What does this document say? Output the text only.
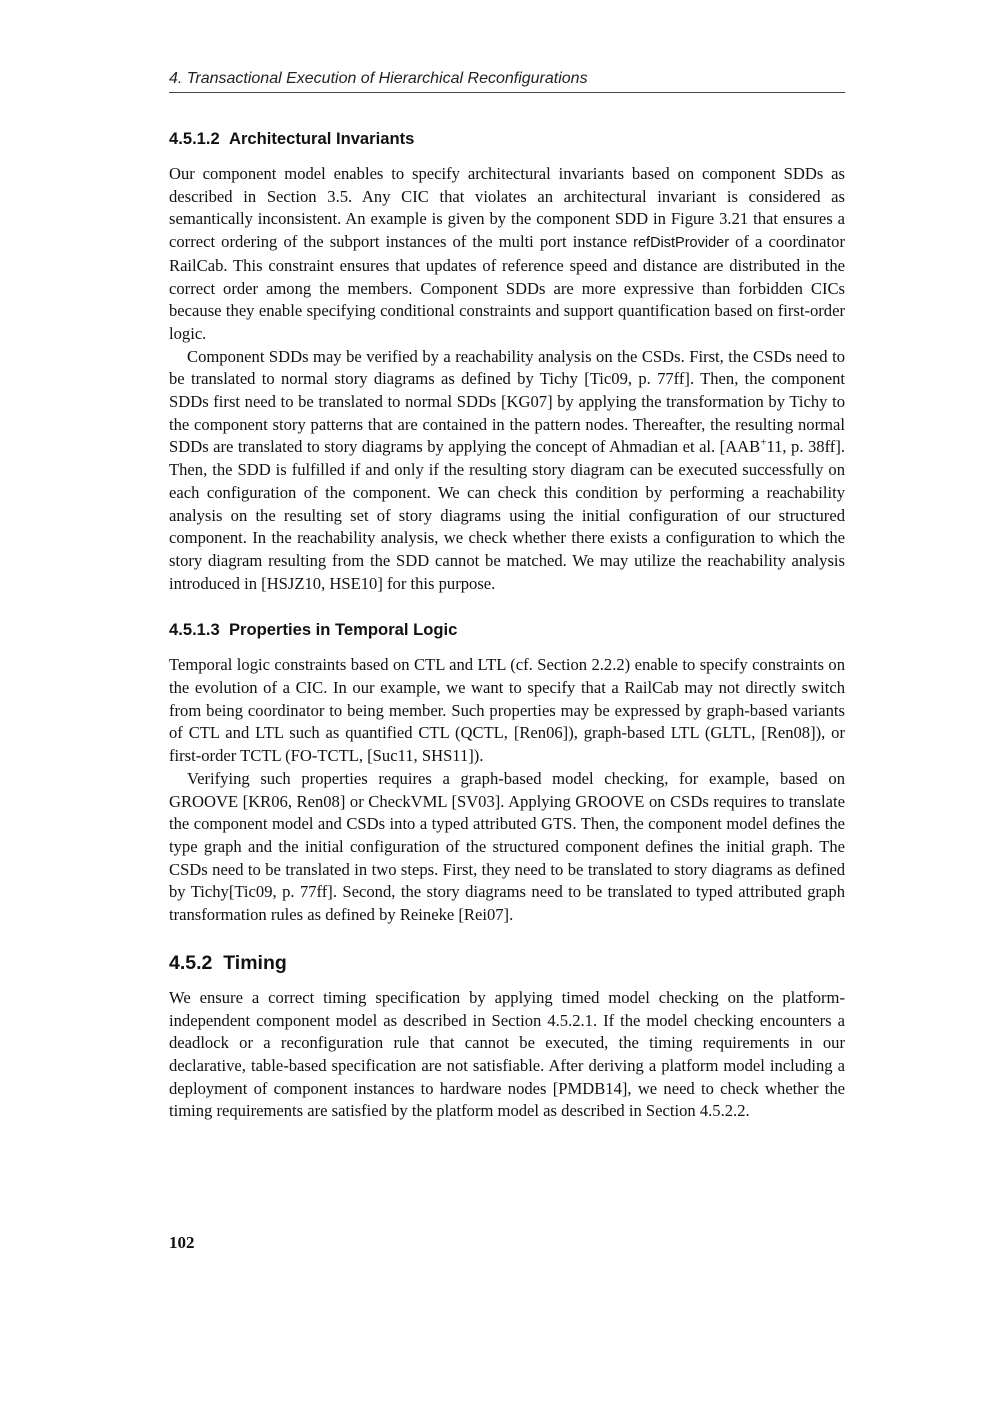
4. Transactional Execution of Hierarchical Reconfigurations
4.5.1.2 Architectural Invariants

Our component model enables to specify architectural invariants based on component SDDs as described in Section 3.5. Any CIC that violates an architectural invariant is considered as semantically inconsistent. An example is given by the component SDD in Figure 3.21 that ensures a correct ordering of the subport instances of the multi port instance refDistProvider of a coordinator RailCab. This constraint ensures that updates of reference speed and distance are distributed in the correct order among the members. Component SDDs are more expressive than forbidden CICs because they enable specifying conditional constraints and support quantification based on first-order logic.

Component SDDs may be verified by a reachability analysis on the CSDs. First, the CSDs need to be translated to normal story diagrams as defined by Tichy [Tic09, p. 77ff]. Then, the component SDDs first need to be translated to normal SDDs [KG07] by applying the transformation by Tichy to the component story patterns that are contained in the pattern nodes. Thereafter, the resulting normal SDDs are translated to story diagrams by applying the concept of Ahmadian et al. [AAB+11, p. 38ff]. Then, the SDD is fulfilled if and only if the resulting story diagram can be executed successfully on each configuration of the component. We can check this condition by performing a reachability analysis on the resulting set of story diagrams using the initial configuration of our structured component. In the reachability analysis, we check whether there exists a configuration to which the story diagram resulting from the SDD cannot be matched. We may utilize the reachability analysis introduced in [HSJZ10, HSE10] for this purpose.

4.5.1.3 Properties in Temporal Logic

Temporal logic constraints based on CTL and LTL (cf. Section 2.2.2) enable to specify constraints on the evolution of a CIC. In our example, we want to specify that a RailCab may not directly switch from being coordinator to being member. Such properties may be expressed by graph-based variants of CTL and LTL such as quantified CTL (QCTL, [Ren06]), graph-based LTL (GLTL, [Ren08]), or first-order TCTL (FO-TCTL, [Suc11, SHS11]).

Verifying such properties requires a graph-based model checking, for example, based on GROOVE [KR06, Ren08] or CheckVML [SV03]. Applying GROOVE on CSDs requires to translate the component model and CSDs into a typed attributed GTS. Then, the component model defines the type graph and the initial configuration of the structured component defines the initial graph. The CSDs need to be translated in two steps. First, they need to be translated to story diagrams as defined by Tichy[Tic09, p. 77ff]. Second, the story diagrams need to be translated to typed attributed graph transformation rules as defined by Reineke [Rei07].

4.5.2 Timing

We ensure a correct timing specification by applying timed model checking on the platform-independent component model as described in Section 4.5.2.1. If the model checking encounters a deadlock or a reconfiguration rule that cannot be executed, the timing requirements in our declarative, table-based specification are not satisfiable. After deriving a platform model including a deployment of component instances to hardware nodes [PMDB14], we need to check whether the timing requirements are satisfied by the platform model as described in Section 4.5.2.2.

102
